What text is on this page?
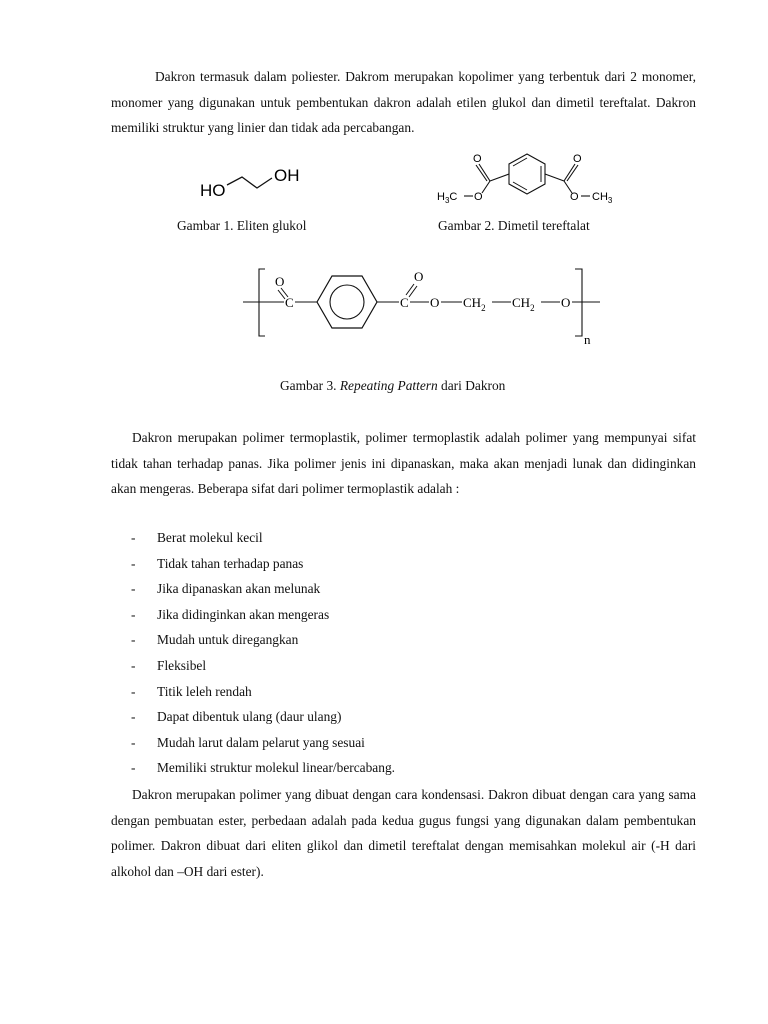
Dakron termasuk dalam poliester. Dakrom merupakan kopolimer yang terbentuk dari 2 monomer, monomer yang digunakan untuk pembentukan dakron adalah etilen glukol dan dimetil tereftalat. Dakron memiliki struktur yang linier dan tidak ada percabangan.

HO
OH
O
O
$H_3C$
O
O $CH_3$
Gambar 1. Eliten glukol	Gambar 2. Dimetil tereftalat
O
C	C
O
O $CH_2$ $CH_2$ O
n
Gambar 3. Repeating Pattern dari Dakron

Dakron merupakan polimer termoplastik, polimer termoplastik adalah polimer yang mempunyai sifat tidak tahan terhadap panas. Jika polimer jenis ini dipanaskan, maka akan menjadi lunak dan didinginkan akan mengeras. Beberapa sifat dari polimer termoplastik adalah :

- Berat molekul kecil
- Tidak tahan terhadap panas
- Jika dipanaskan akan melunak
- Jika didinginkan akan mengeras
- Mudah untuk diregangkan
- Fleksibel
- Titik leleh rendah
- Dapat dibentuk ulang (daur ulang)
- Mudah larut dalam pelarut yang sesuai
- Memiliki struktur molekul linear/bercabang.

Dakron merupakan polimer yang dibuat dengan cara kondensasi. Dakron dibuat dengan cara yang sama dengan pembuatan ester, perbedaan adalah pada kedua gugus fungsi yang digunakan dalam pembentukan polimer. Dakron dibuat dari eliten glikol dan dimetil tereftalat dengan memisahkan molekul air (-H dari alkohol dan –OH dari ester).
